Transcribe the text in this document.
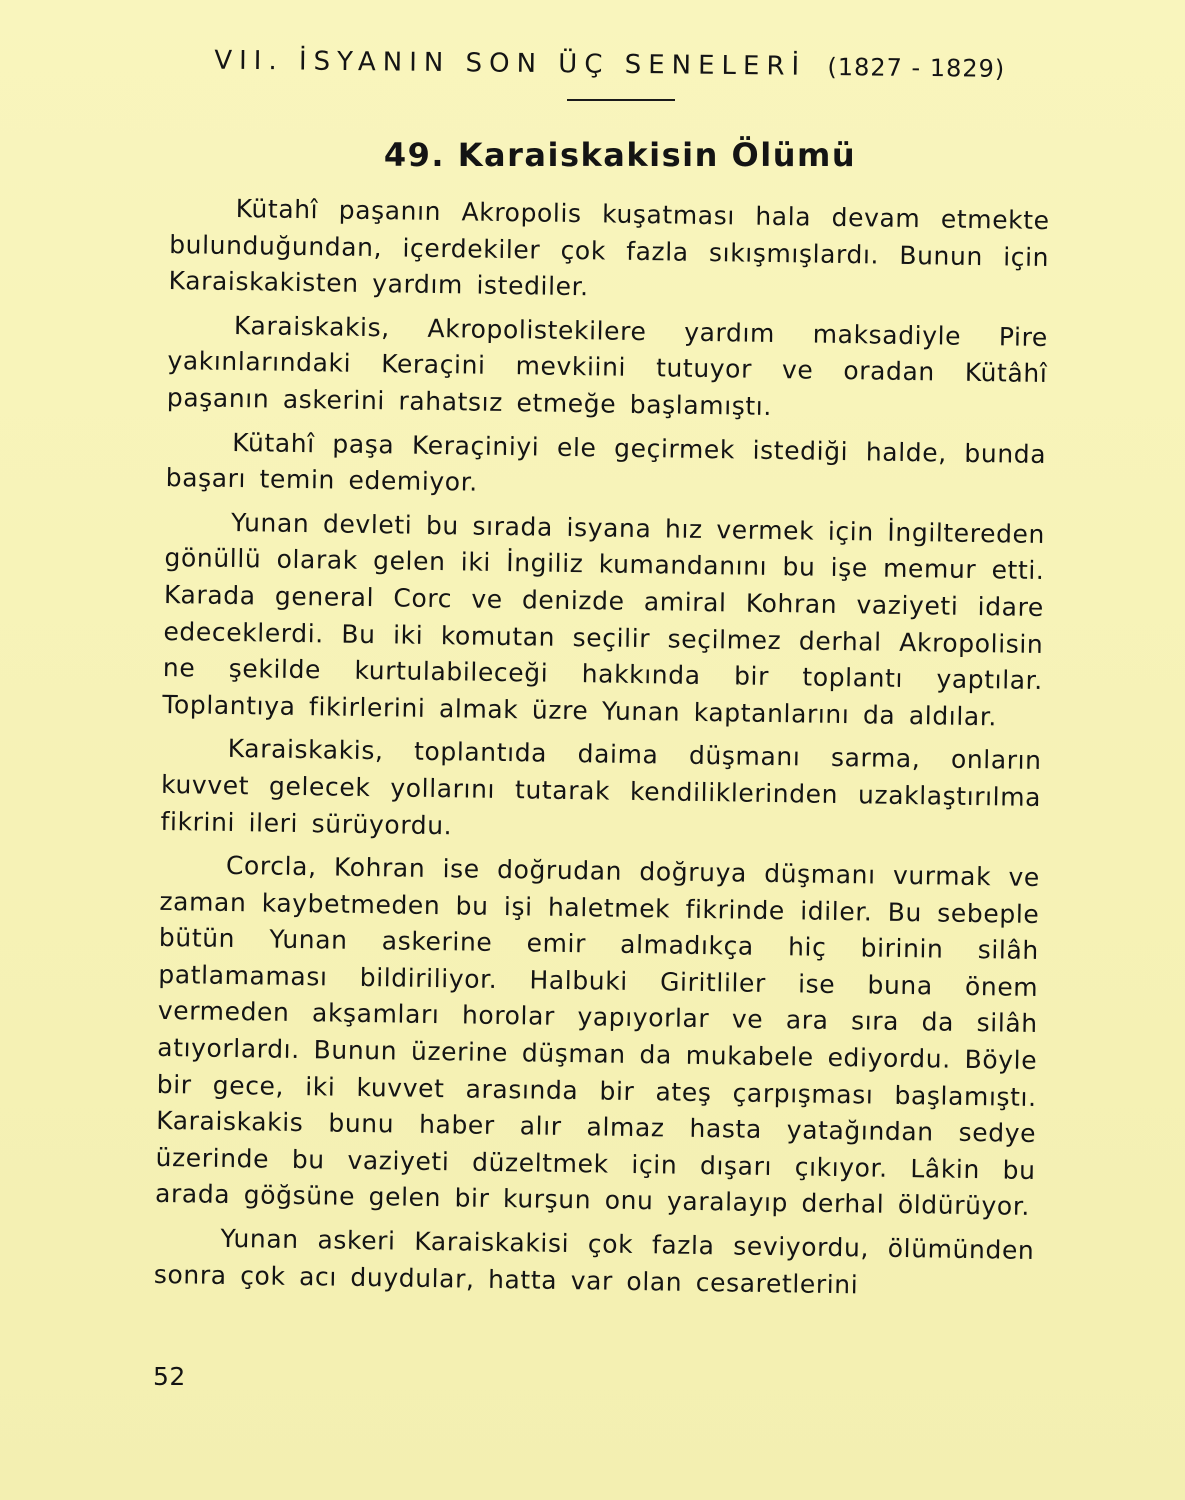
VII. İSYANIN SON ÜÇ SENELERİ (1827 - 1829)
49. Karaiskakisin Ölümü

Kütahî paşanın Akropolis kuşatması hala devam etmekte bulunduğundan, içerdekiler çok fazla sıkışmışlardı. Bunun için Karaiskakisten yardım istediler.

Karaiskakis, Akropolistekilere yardım maksadiyle Pire yakınlarındaki Keraçini mevkiini tutuyor ve oradan Kütâhî paşanın askerini rahatsız etmeğe başlamıştı.

Kütahî paşa Keraçiniyi ele geçirmek istediği halde, bunda başarı temin edemiyor.

Yunan devleti bu sırada isyana hız vermek için İngiltereden gönüllü olarak gelen iki İngiliz kumandanını bu işe memur etti. Karada general Corc ve denizde amiral Kohran vaziyeti idare edeceklerdi. Bu iki komutan seçilir seçilmez derhal Akropolisin ne şekilde kurtulabileceği hakkında bir toplantı yaptılar. Toplantıya fikirlerini almak üzre Yunan kaptanlarını da aldılar.

Karaiskakis, toplantıda daima düşmanı sarma, onların kuvvet gelecek yollarını tutarak kendiliklerinden uzaklaştırılma fikrini ileri sürüyordu.

Corcla, Kohran ise doğrudan doğruya düşmanı vurmak ve zaman kaybetmeden bu işi haletmek fikrinde idiler. Bu sebeple bütün Yunan askerine emir almadıkça hiç birinin silâh patlamaması bildiriliyor. Halbuki Giritliler ise buna önem vermeden akşamları horolar yapıyorlar ve ara sıra da silâh atıyorlardı. Bunun üzerine düşman da mukabele ediyordu. Böyle bir gece, iki kuvvet arasında bir ateş çarpışması başlamıştı. Karaiskakis bunu haber alır almaz hasta yatağından sedye üzerinde bu vaziyeti düzeltmek için dışarı çıkıyor. Lâkin bu arada göğsüne gelen bir kurşun onu yaralayıp derhal öldürüyor.

Yunan askeri Karaiskakisi çok fazla seviyordu, ölümünden sonra çok acı duydular, hatta var olan cesaretlerini

52
